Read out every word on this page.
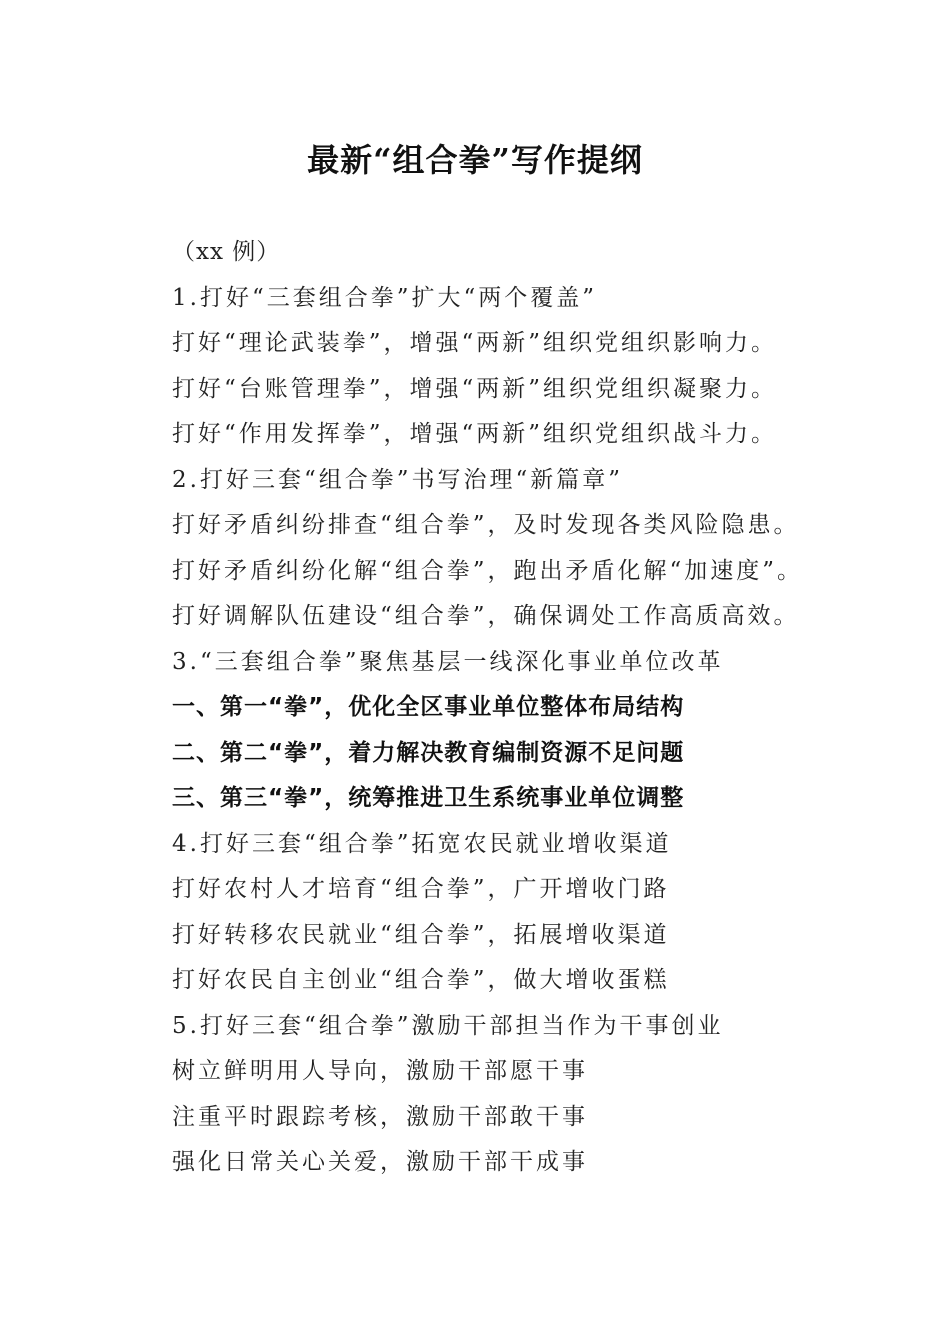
最新“组合拳”写作提纲
（xx 例）
1.打好“三套组合拳”扩大“两个覆盖”
打好“理论武装拳”，增强“两新”组织党组织影响力。
打好“台账管理拳”，增强“两新”组织党组织凝聚力。
打好“作用发挥拳”，增强“两新”组织党组织战斗力。
2.打好三套“组合拳”书写治理“新篇章”
打好矛盾纠纷排查“组合拳”，及时发现各类风险隐患。
打好矛盾纠纷化解“组合拳”，跑出矛盾化解“加速度”。
打好调解队伍建设“组合拳”，确保调处工作高质高效。
3.“三套组合拳”聚焦基层一线深化事业单位改革
一、第一“拳”，优化全区事业单位整体布局结构
二、第二“拳”，着力解决教育编制资源不足问题
三、第三“拳”，统筹推进卫生系统事业单位调整
4.打好三套“组合拳”拓宽农民就业增收渠道
打好农村人才培育“组合拳”，广开增收门路
打好转移农民就业“组合拳”，拓展增收渠道
打好农民自主创业“组合拳”，做大增收蛋糕
5.打好三套“组合拳”激励干部担当作为干事创业
树立鲜明用人导向，激励干部愿干事
注重平时跟踪考核，激励干部敢干事
强化日常关心关爱，激励干部干成事
